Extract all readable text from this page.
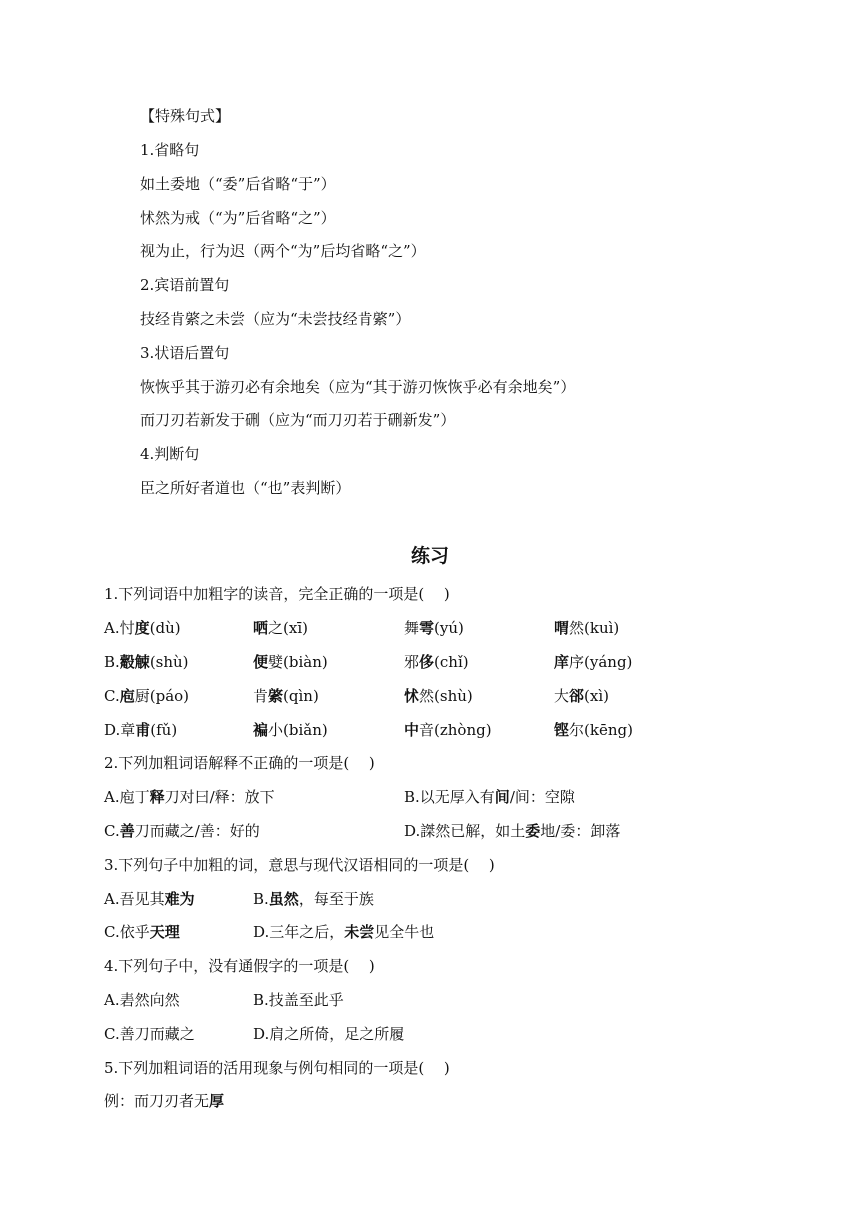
【特殊句式】
1.省略句
如土委地（“委”后省略“于”）
怵然为戒（“为”后省略“之”）
视为止，行为迟（两个“为”后均省略“之”）
2.宾语前置句
技经肯綮之未尝（应为“未尝技经肯綮”）
3.状语后置句
恢恢乎其于游刃必有余地矣（应为“其于游刃恢恢乎必有余地矣”）
而刀刃若新发于硎（应为“而刀刃若于硎新发”）
4.判断句
臣之所好者道也（“也”表判断）
练习
1.下列词语中加粗字的读音，完全正确的一项是(　 )
A.忖度(dù)	哂之(xī)	舞雩(yú)	喟然(kuì)
B.觳觫(shù)	便嬖(biàn)	邪侈(chǐ)	庠序(yáng)
C.庖厨(páo)	肯綮(qìn)	怵然(shù)	大郤(xì)
D.章甫(fǔ)	褊小(biǎn)	中音(zhòng)	铿尔(kēng)
2.下列加粗词语解释不正确的一项是(　 )
A.庖丁释刀对曰/释：放下	B.以无厚入有间/间：空隙
C.善刀而藏之/善：好的	D.謋然已解，如土委地/委：卸落
3.下列句子中加粗的词，意思与现代汉语相同的一项是(　 )
A.吾见其难为	B.虽然，每至于族
C.依乎天理	D.三年之后，未尝见全牛也
4.下列句子中，没有通假字的一项是(　 )
A.砉然向然	B.技盖至此乎
C.善刀而藏之	D.肩之所倚，足之所履
5.下列加粗词语的活用现象与例句相同的一项是(　 )
例：而刀刃者无厚
